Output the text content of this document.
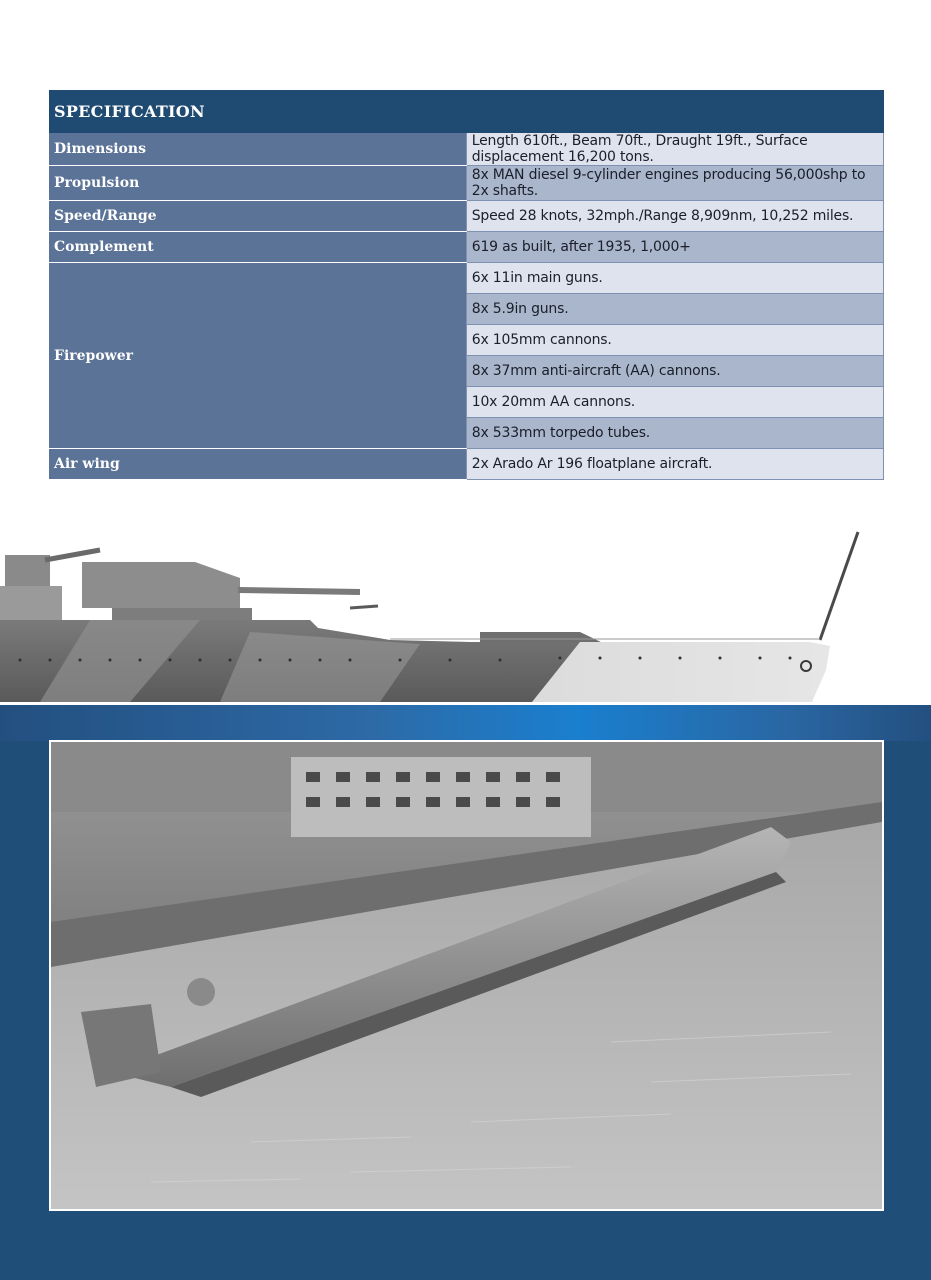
SPECIFICATION	
Dimensions	Length 610ft., Beam 70ft., Draught 19ft., Surface displacement 16,200 tons.
Propulsion	8x MAN diesel 9-cylinder engines producing 56,000shp to 2x shafts.
Speed/Range	Speed 28 knots, 32mph./Range 8,909nm, 10,252 miles.
Complement	619 as built, after 1935, 1,000+
Firepower	6x 11in main guns.
	8x 5.9in guns.
	6x 105mm cannons.
	8x 37mm anti-aircraft (AA) cannons.
	10x 20mm AA cannons.
	8x 533mm torpedo tubes.
Air wing	2x Arado Ar 196 floatplane aircraft.
